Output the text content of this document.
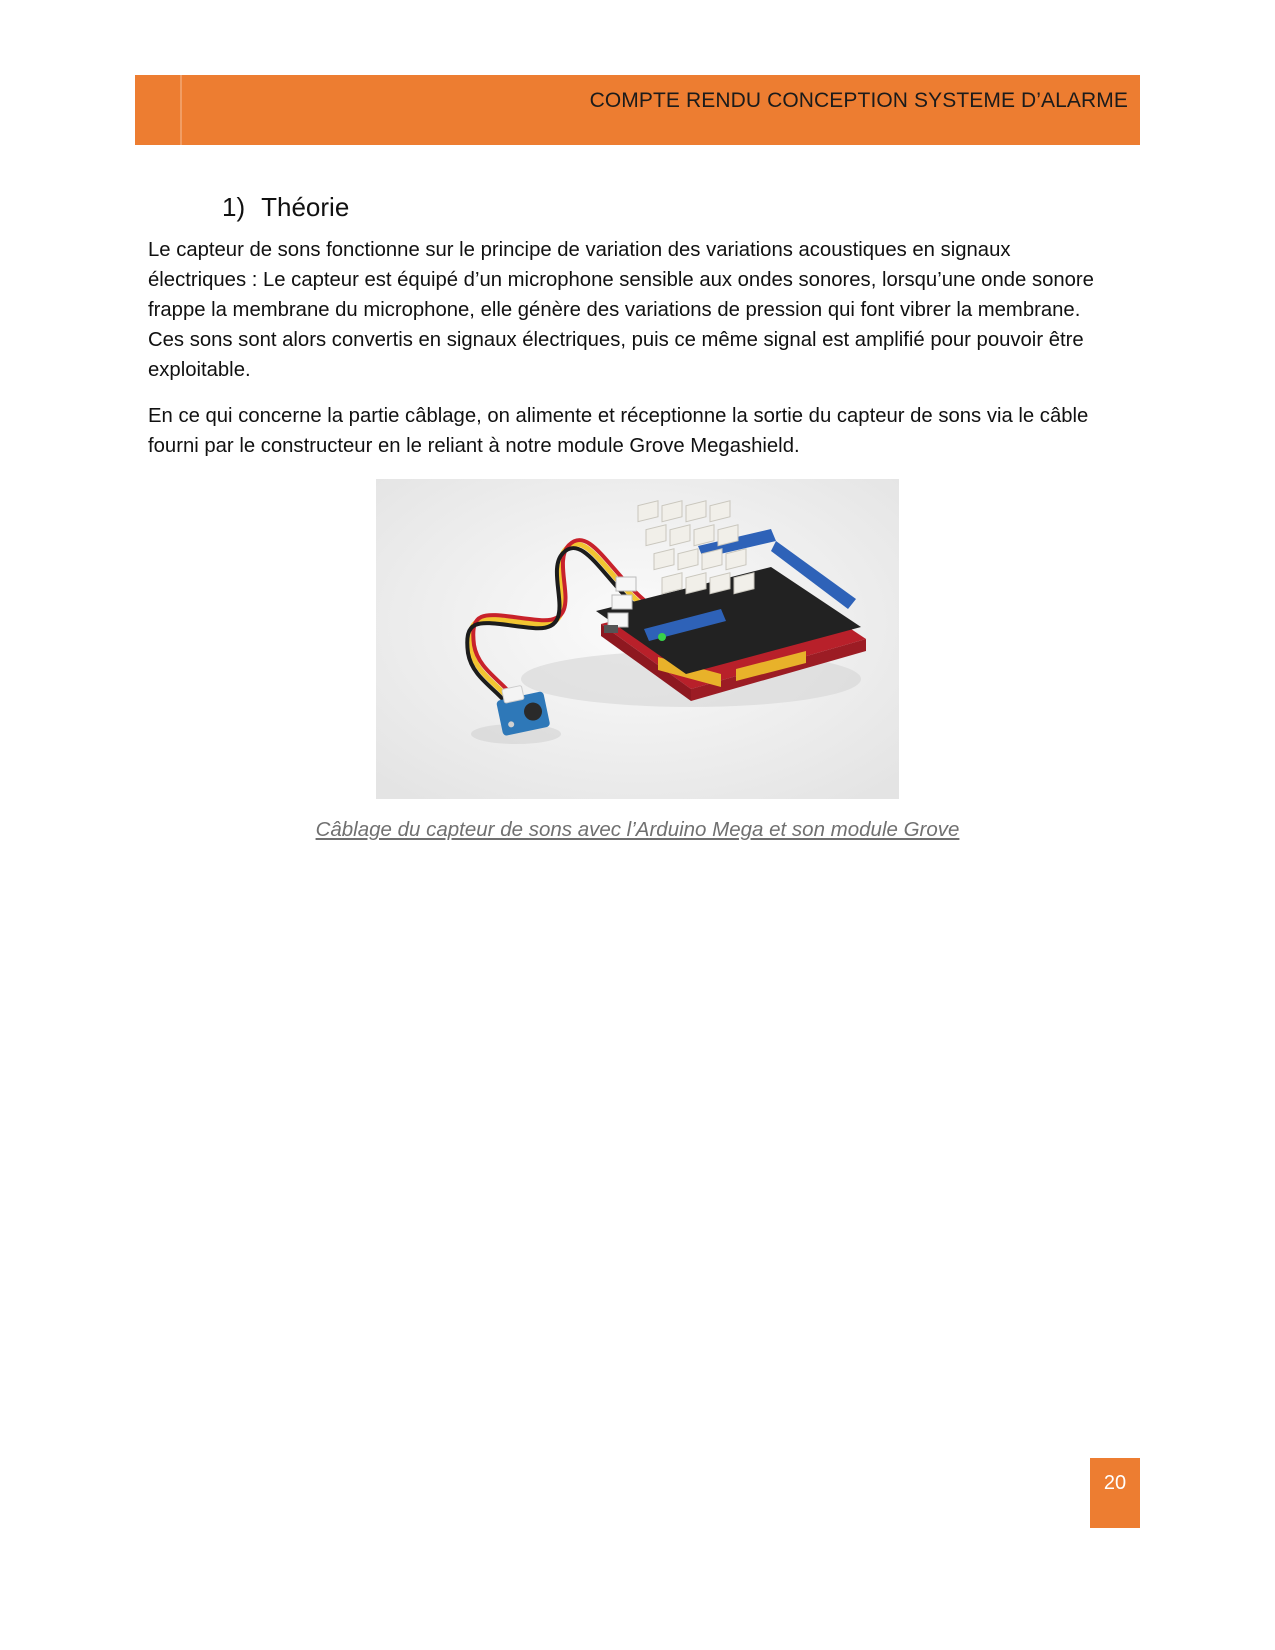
COMPTE RENDU CONCEPTION SYSTEME D’ALARME
1) Théorie

Le capteur de sons fonctionne sur le principe de variation des variations acoustiques en signaux
électriques : Le capteur est équipé d’un microphone sensible aux ondes sonores, lorsqu’une onde sonore
frappe la membrane du microphone, elle génère des variations de pression qui font vibrer la membrane.
Ces sons sont alors convertis en signaux électriques, puis ce même signal est amplifié pour pouvoir être
exploitable.

En ce qui concerne la partie câblage, on alimente et réceptionne la sortie du capteur de sons via le câble
fourni par le constructeur en le reliant à notre module Grove Megashield.

Câblage du capteur de sons avec l’Arduino Mega et son module Grove
20
